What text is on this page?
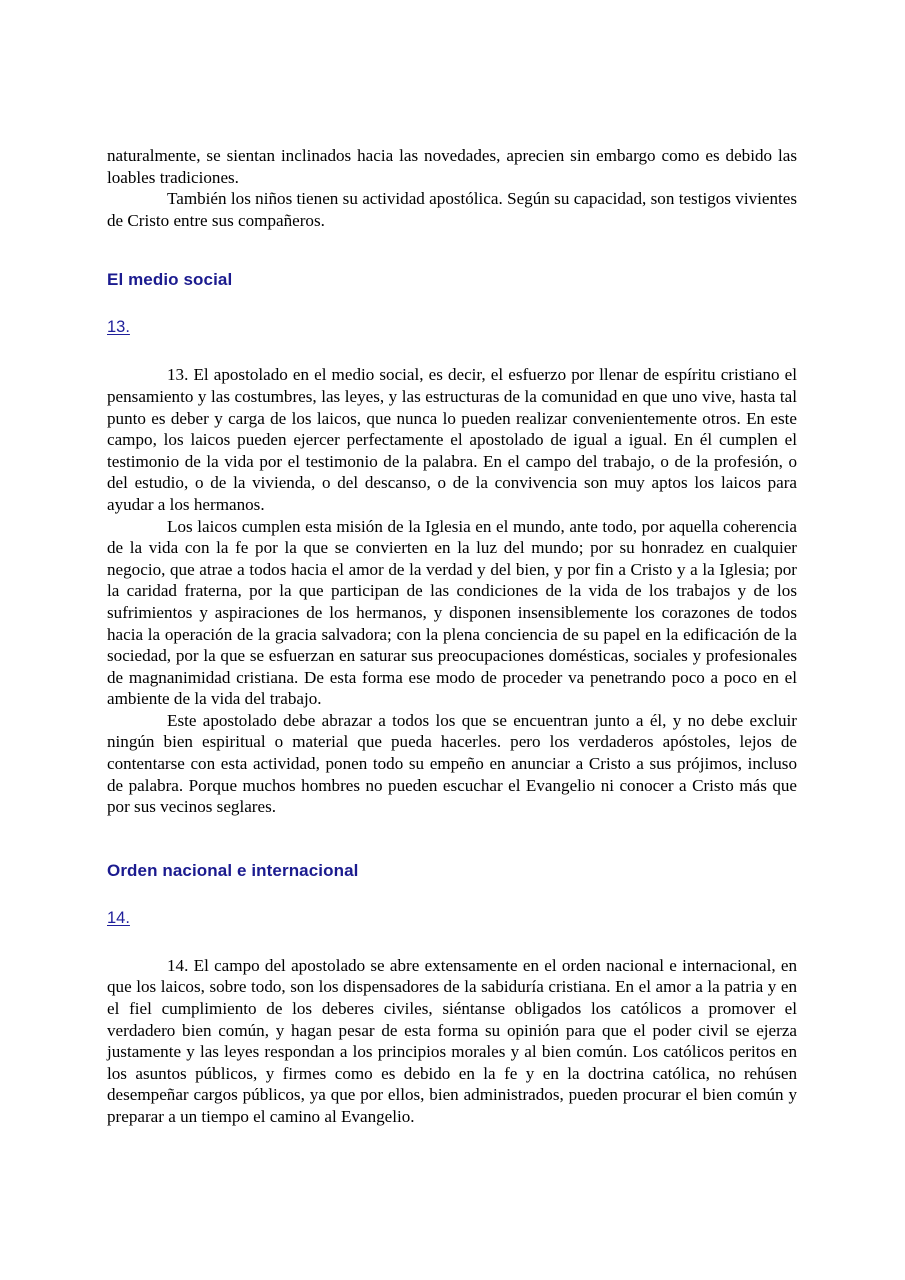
naturalmente, se sientan inclinados hacia las novedades, aprecien sin embargo como es debido las loables tradiciones.

También los niños tienen su actividad apostólica. Según su capacidad, son testigos vivientes de Cristo entre sus compañeros.

El medio social
13.

13. El apostolado en el medio social, es decir, el esfuerzo por llenar de espíritu cristiano el pensamiento y las costumbres, las leyes, y las estructuras de la comunidad en que uno vive, hasta tal punto es deber y carga de los laicos, que nunca lo pueden realizar convenientemente otros. En este campo, los laicos pueden ejercer perfectamente el apostolado de igual a igual. En él cumplen el testimonio de la vida por el testimonio de la palabra. En el campo del trabajo, o de la profesión, o del estudio, o de la vivienda, o del descanso, o de la convivencia son muy aptos los laicos para ayudar a los hermanos.

Los laicos cumplen esta misión de la Iglesia en el mundo, ante todo, por aquella coherencia de la vida con la fe por la que se convierten en la luz del mundo; por su honradez en cualquier negocio, que atrae a todos hacia el amor de la verdad y del bien, y por fin a Cristo y a la Iglesia; por la caridad fraterna, por la que participan de las condiciones de la vida de los trabajos y de los sufrimientos y aspiraciones de los hermanos, y disponen insensiblemente los corazones de todos hacia la operación de la gracia salvadora; con la plena conciencia de su papel en la edificación de la sociedad, por la que se esfuerzan en saturar sus preocupaciones domésticas, sociales y profesionales de magnanimidad cristiana. De esta forma ese modo de proceder va penetrando poco a poco en el ambiente de la vida del trabajo.

Este apostolado debe abrazar a todos los que se encuentran junto a él, y no debe excluir ningún bien espiritual o material que pueda hacerles. pero los verdaderos apóstoles, lejos de contentarse con esta actividad, ponen todo su empeño en anunciar a Cristo a sus prójimos, incluso de palabra. Porque muchos hombres no pueden escuchar el Evangelio ni conocer a Cristo más que por sus vecinos seglares.

Orden nacional e internacional
14.

14. El campo del apostolado se abre extensamente en el orden nacional e internacional, en que los laicos, sobre todo, son los dispensadores de la sabiduría cristiana. En el amor a la patria y en el fiel cumplimiento de los deberes civiles, siéntanse obligados los católicos a promover el verdadero bien común, y hagan pesar de esta forma su opinión para que el poder civil se ejerza justamente y las leyes respondan a los principios morales y al bien común. Los católicos peritos en los asuntos públicos, y firmes como es debido en la fe y en la doctrina católica, no rehúsen desempeñar cargos públicos, ya que por ellos, bien administrados, pueden procurar el bien común y preparar a un tiempo el camino al Evangelio.
